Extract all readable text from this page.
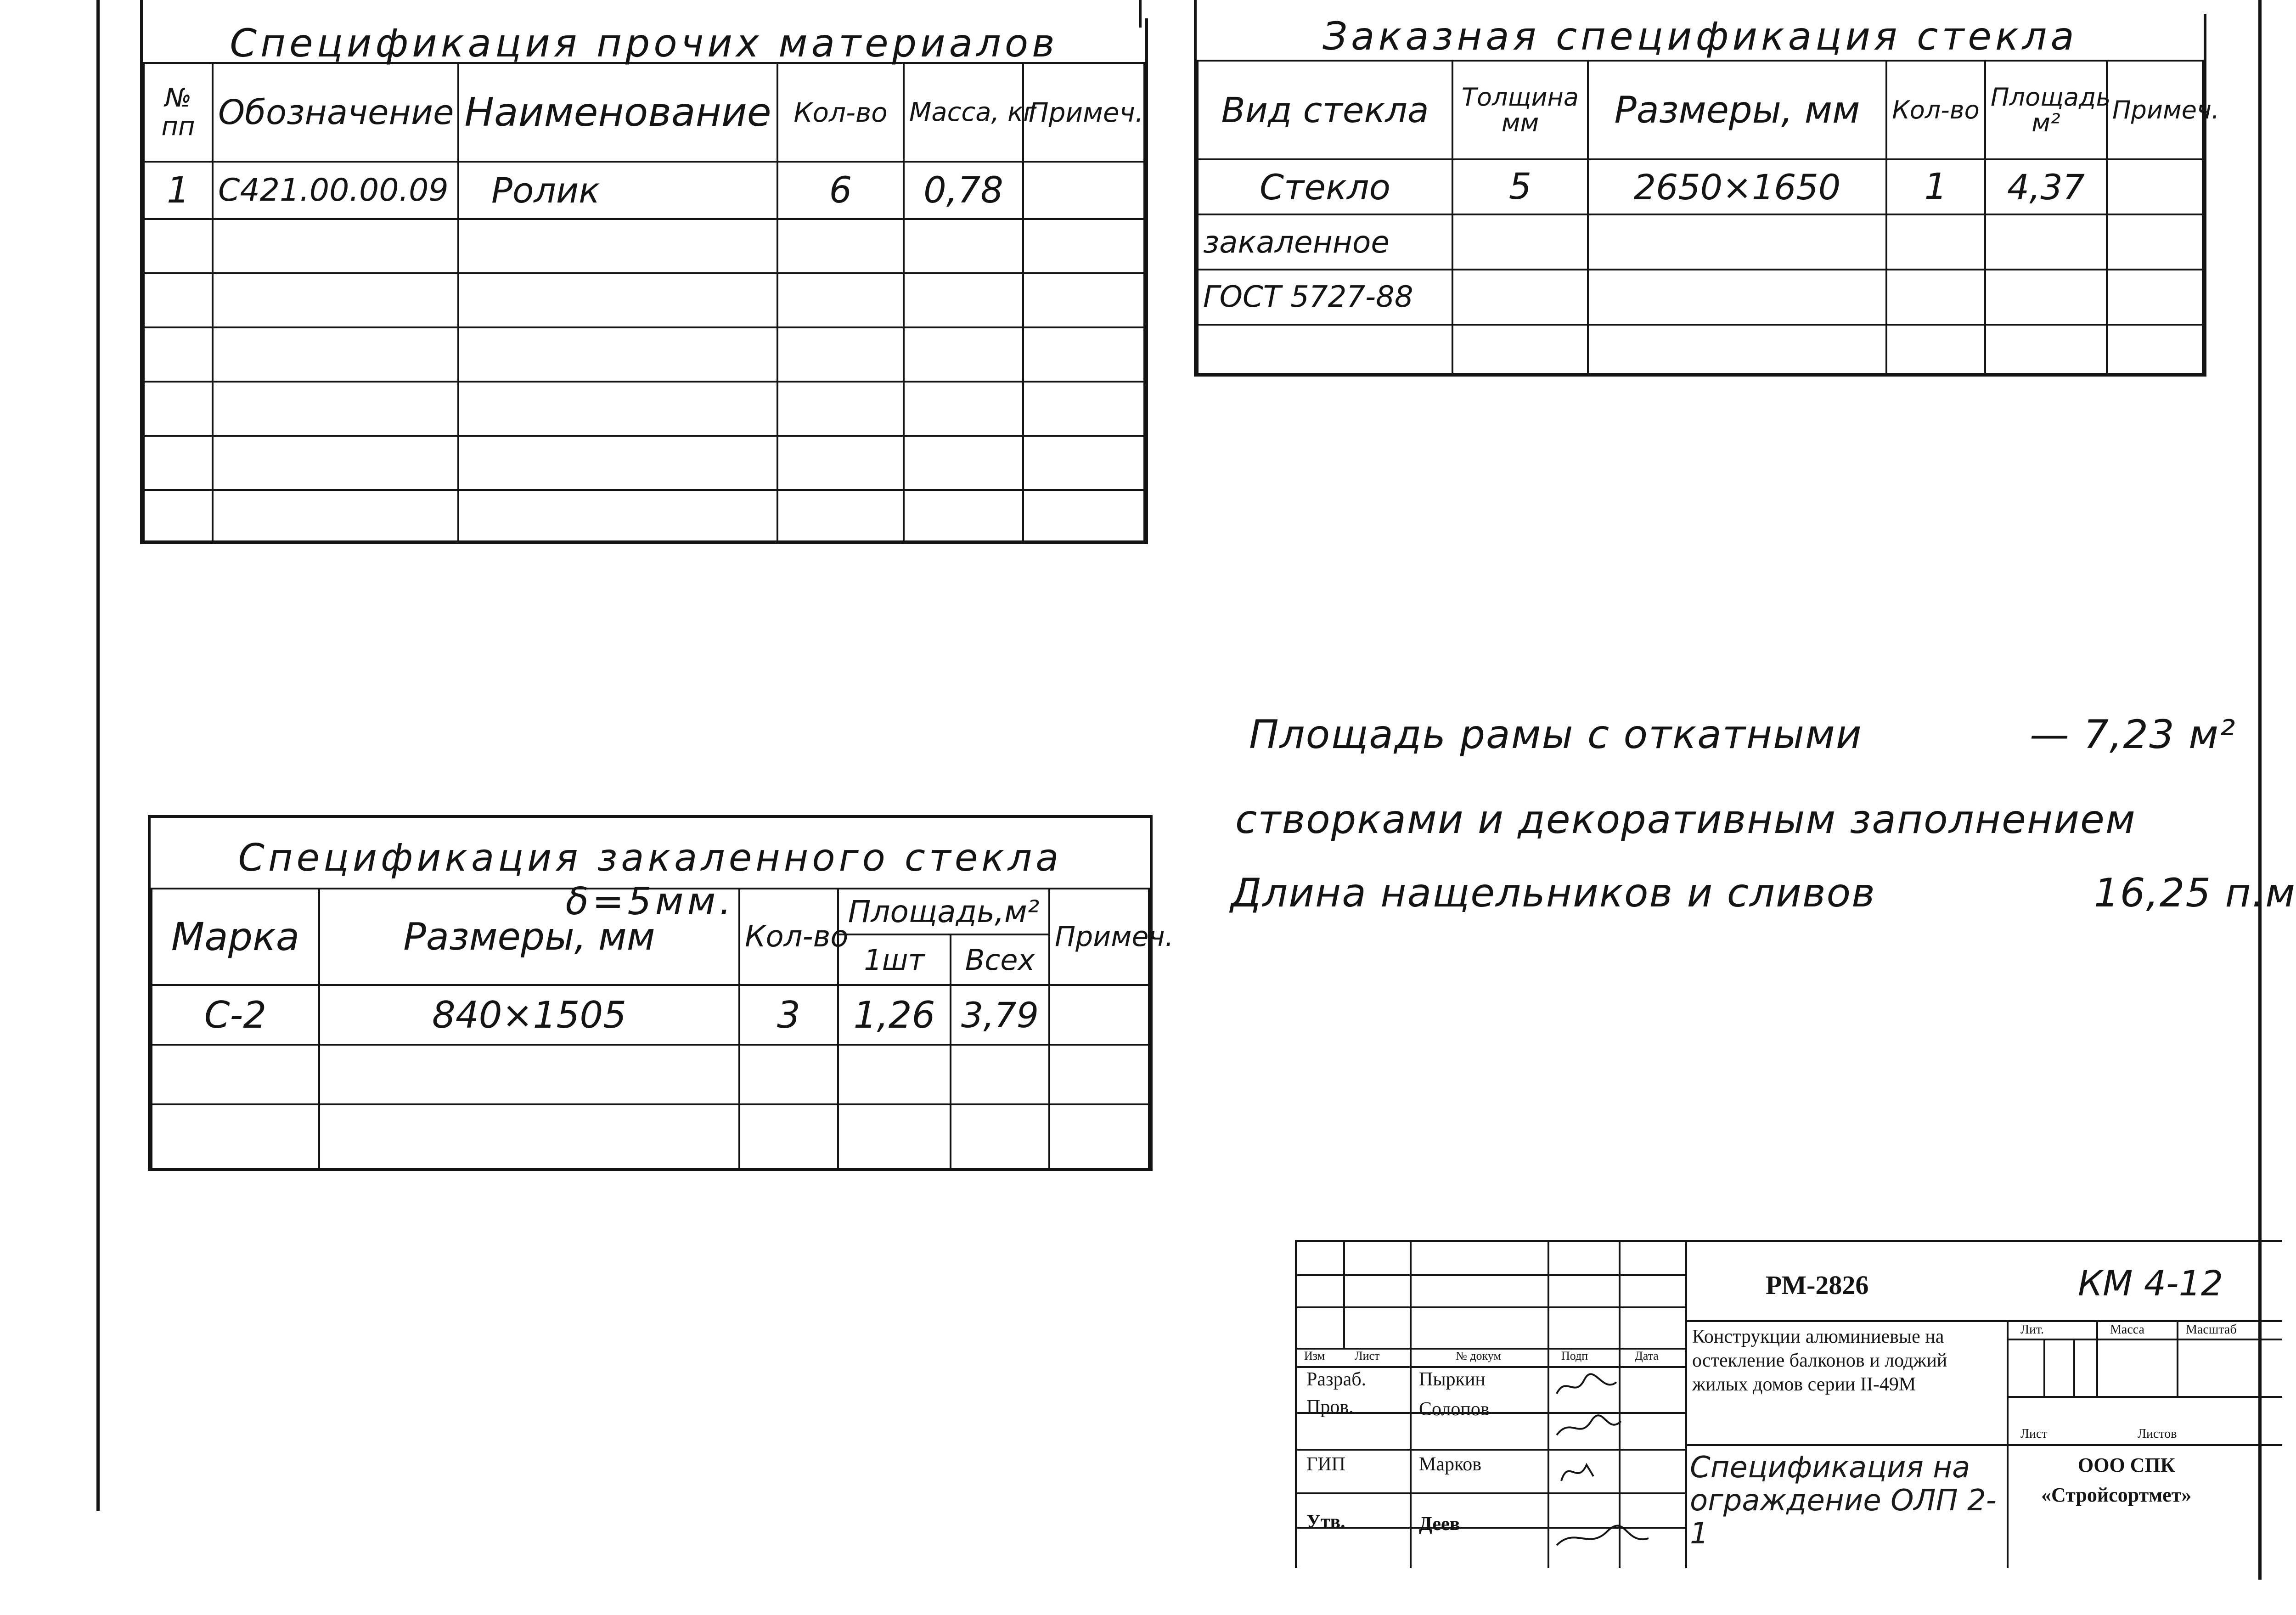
Спецификация прочих материалов
№ пп	Обозначение	Наименование	Кол-во	Масса, кг	Примеч.
1	С421.00.00.09	Ролик	6	0,78	

Заказная спецификация стекла
Вид стекла	Толщина мм	Размеры, мм	Кол-во	Площадь м²	Примеч.
Стекло	5	2650×1650	1	4,37	
закаленное					
ГОСТ 5727-88					

Спецификация закаленного стекла δ=5мм.
Марка	Размеры, мм	Кол-во	Площадь,м²		Примеч.
			1шт	Всех	
С-2	840×1505	3	1,26	3,79	

Площадь рамы с откатными	— 7,23 м²
створками и декоративным заполнением
Длина нащельников и сливов	16,25 п.м
Изм Лист	№ докум	Подп	Дата
Разраб.	Пыркин
Пров.	Солопов
ГИП	Марков
Утв.	Деев
РМ-2826	КМ 4-12
Конструкции алюминиевые на остекление балконов и лоджий жилых домов серии II-49М
Лит.	Масса	Масштаб
Лист	Листов
Спецификация на ограждение ОЛП 2-1
ООО СПК
«Стройсортмет»
